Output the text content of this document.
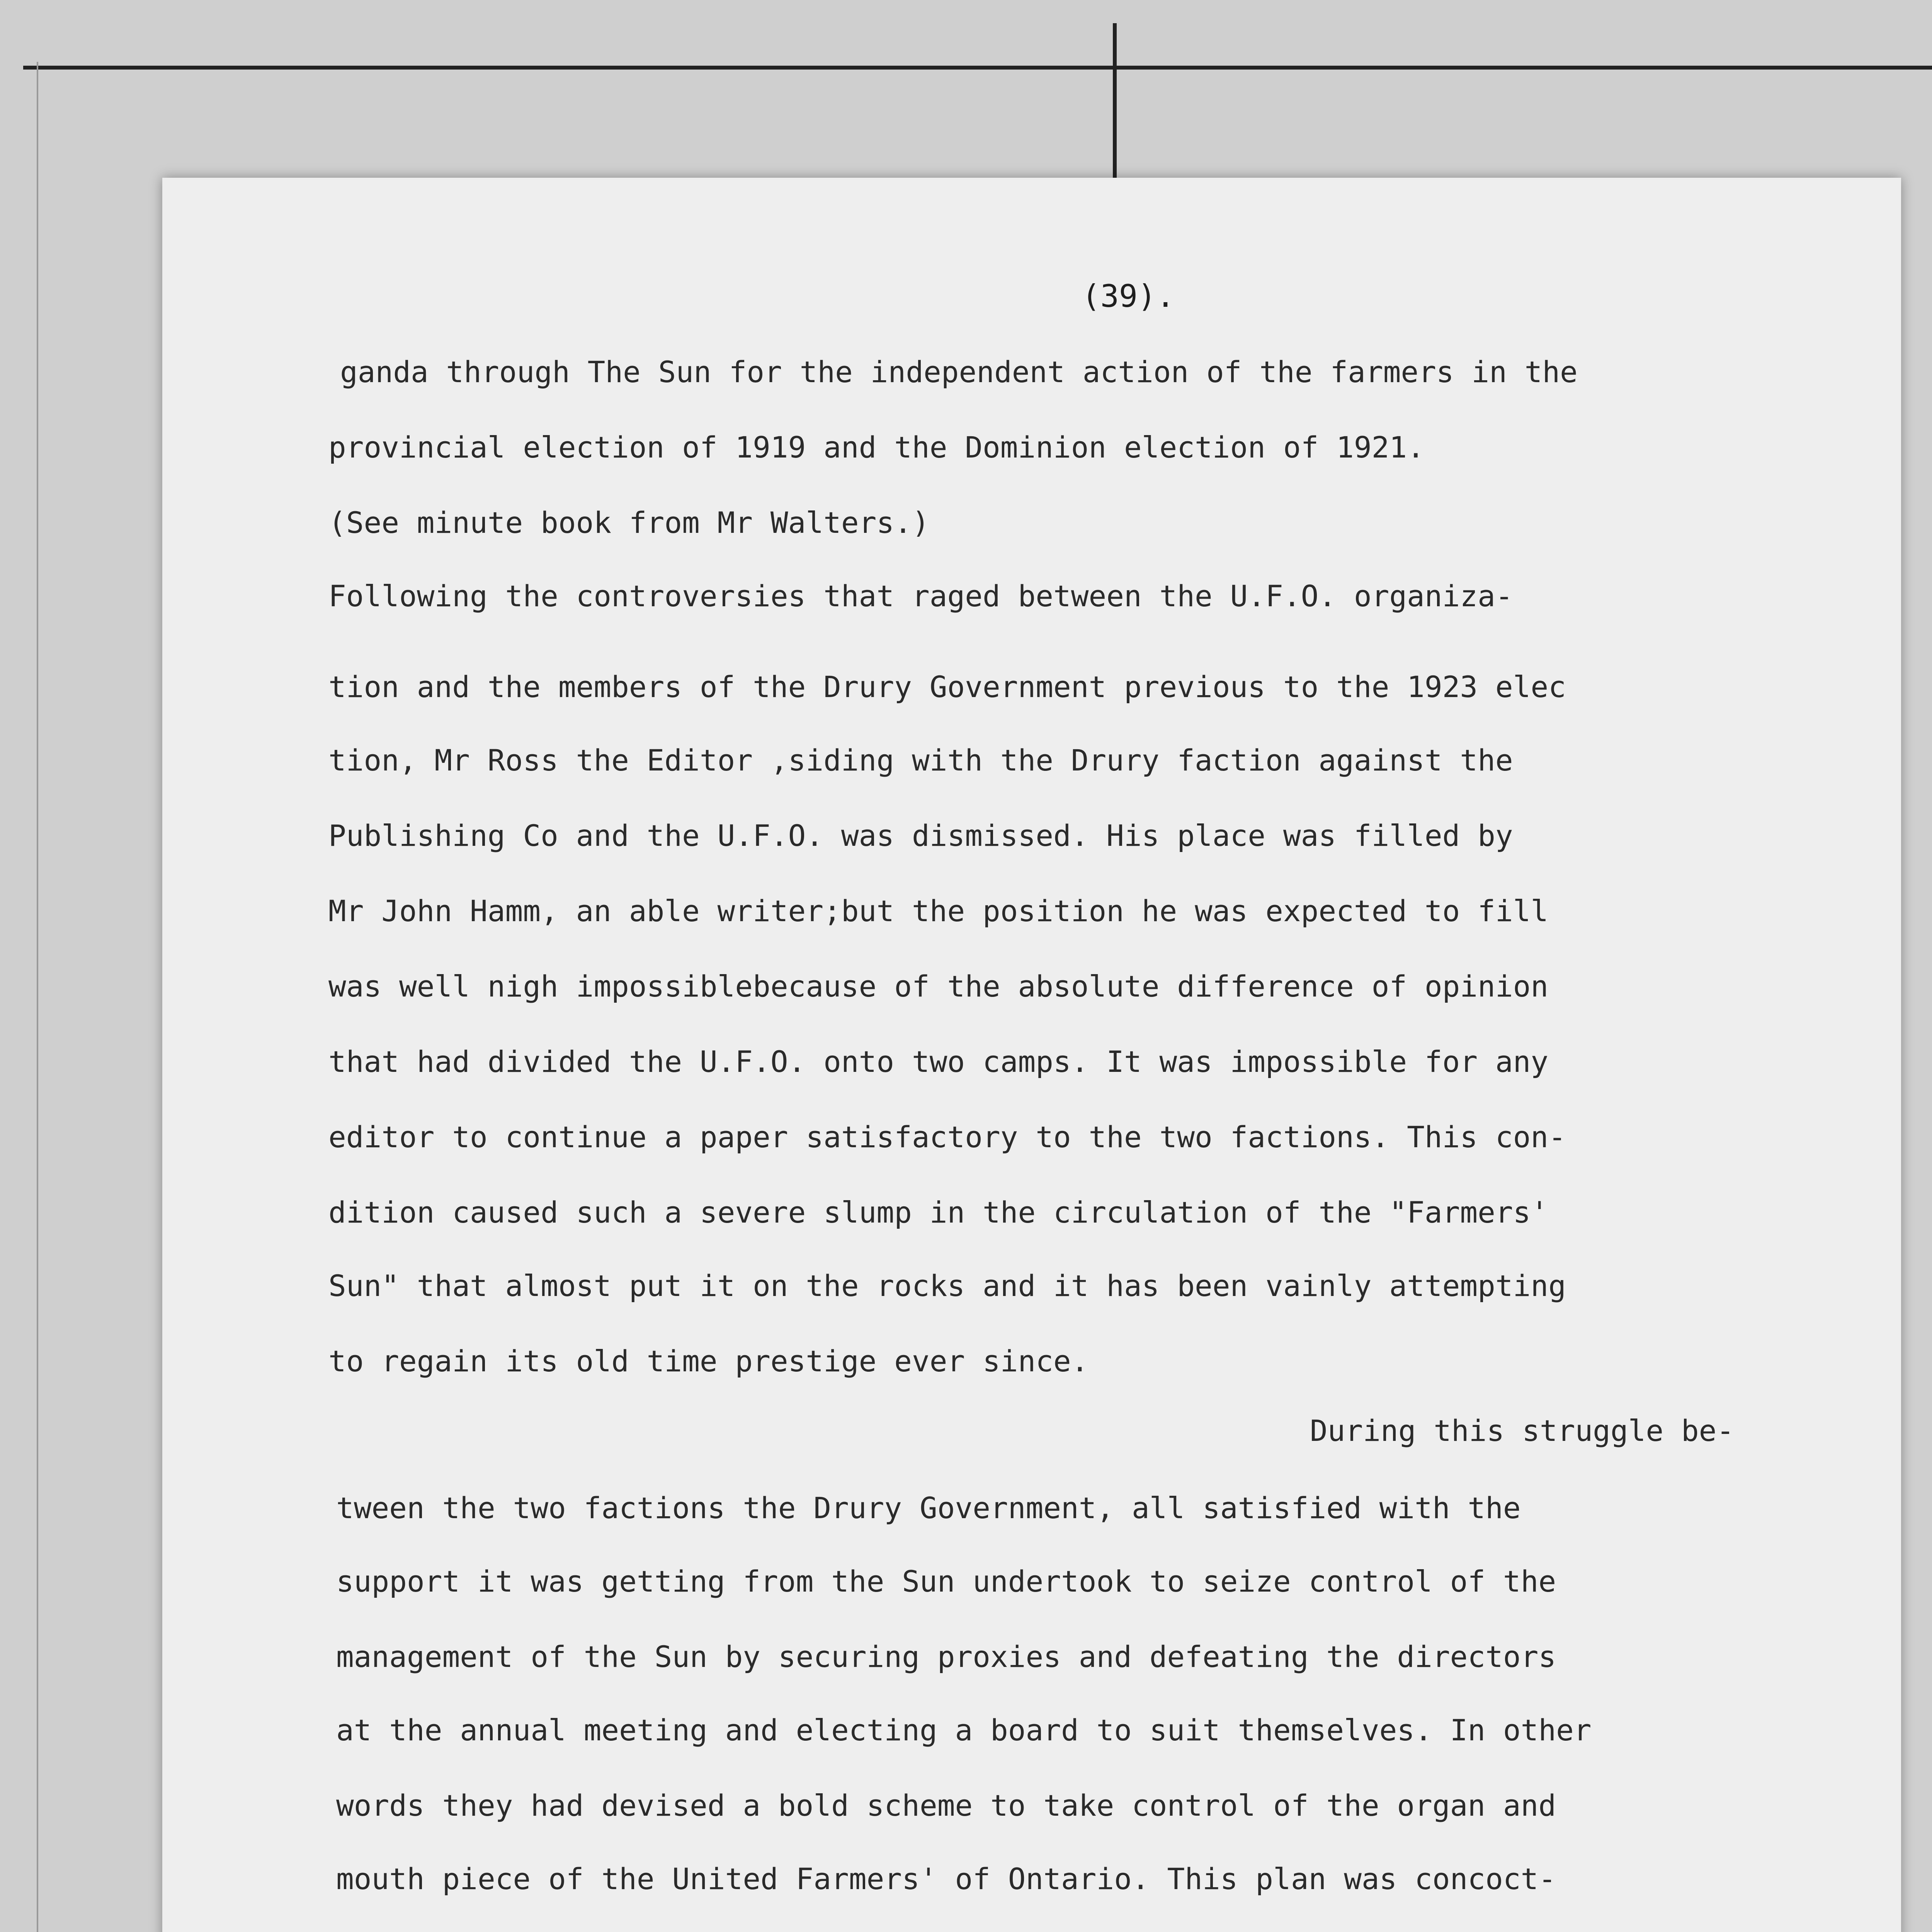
(39).
ganda through The Sun for the independent action of the farmers in the
provincial election of 1919 and the Dominion election of 1921.
(See minute book from Mr Walters.)
Following the controversies that raged between the U.F.O. organiza-
tion and the members of the Drury Government previous to the 1923 elec
tion, Mr Ross the Editor ,siding with the Drury faction against the
Publishing Co and the U.F.O. was dismissed. His place was filled by
Mr John Hamm, an able writer;but the position he was expected to fill
was well nigh impossiblebecause of the absolute difference of opinion
that had divided the U.F.O. onto two camps. It was impossible for any
editor to continue a paper satisfactory to the two factions. This con-
dition caused such a severe slump in the circulation of the "Farmers'
Sun" that almost put it on the rocks and it has been vainly attempting
to regain its old time prestige ever since.
During this struggle be-
tween the two factions the Drury Government, all satisfied with the
support it was getting from the Sun undertook to seize control of the
management of the Sun by securing proxies and defeating the directors
at the annual meeting and electing a board to suit themselves. In other
words they had devised a bold scheme to take control of the organ and
mouth piece of the United Farmers' of Ontario. This plan was concoct-
